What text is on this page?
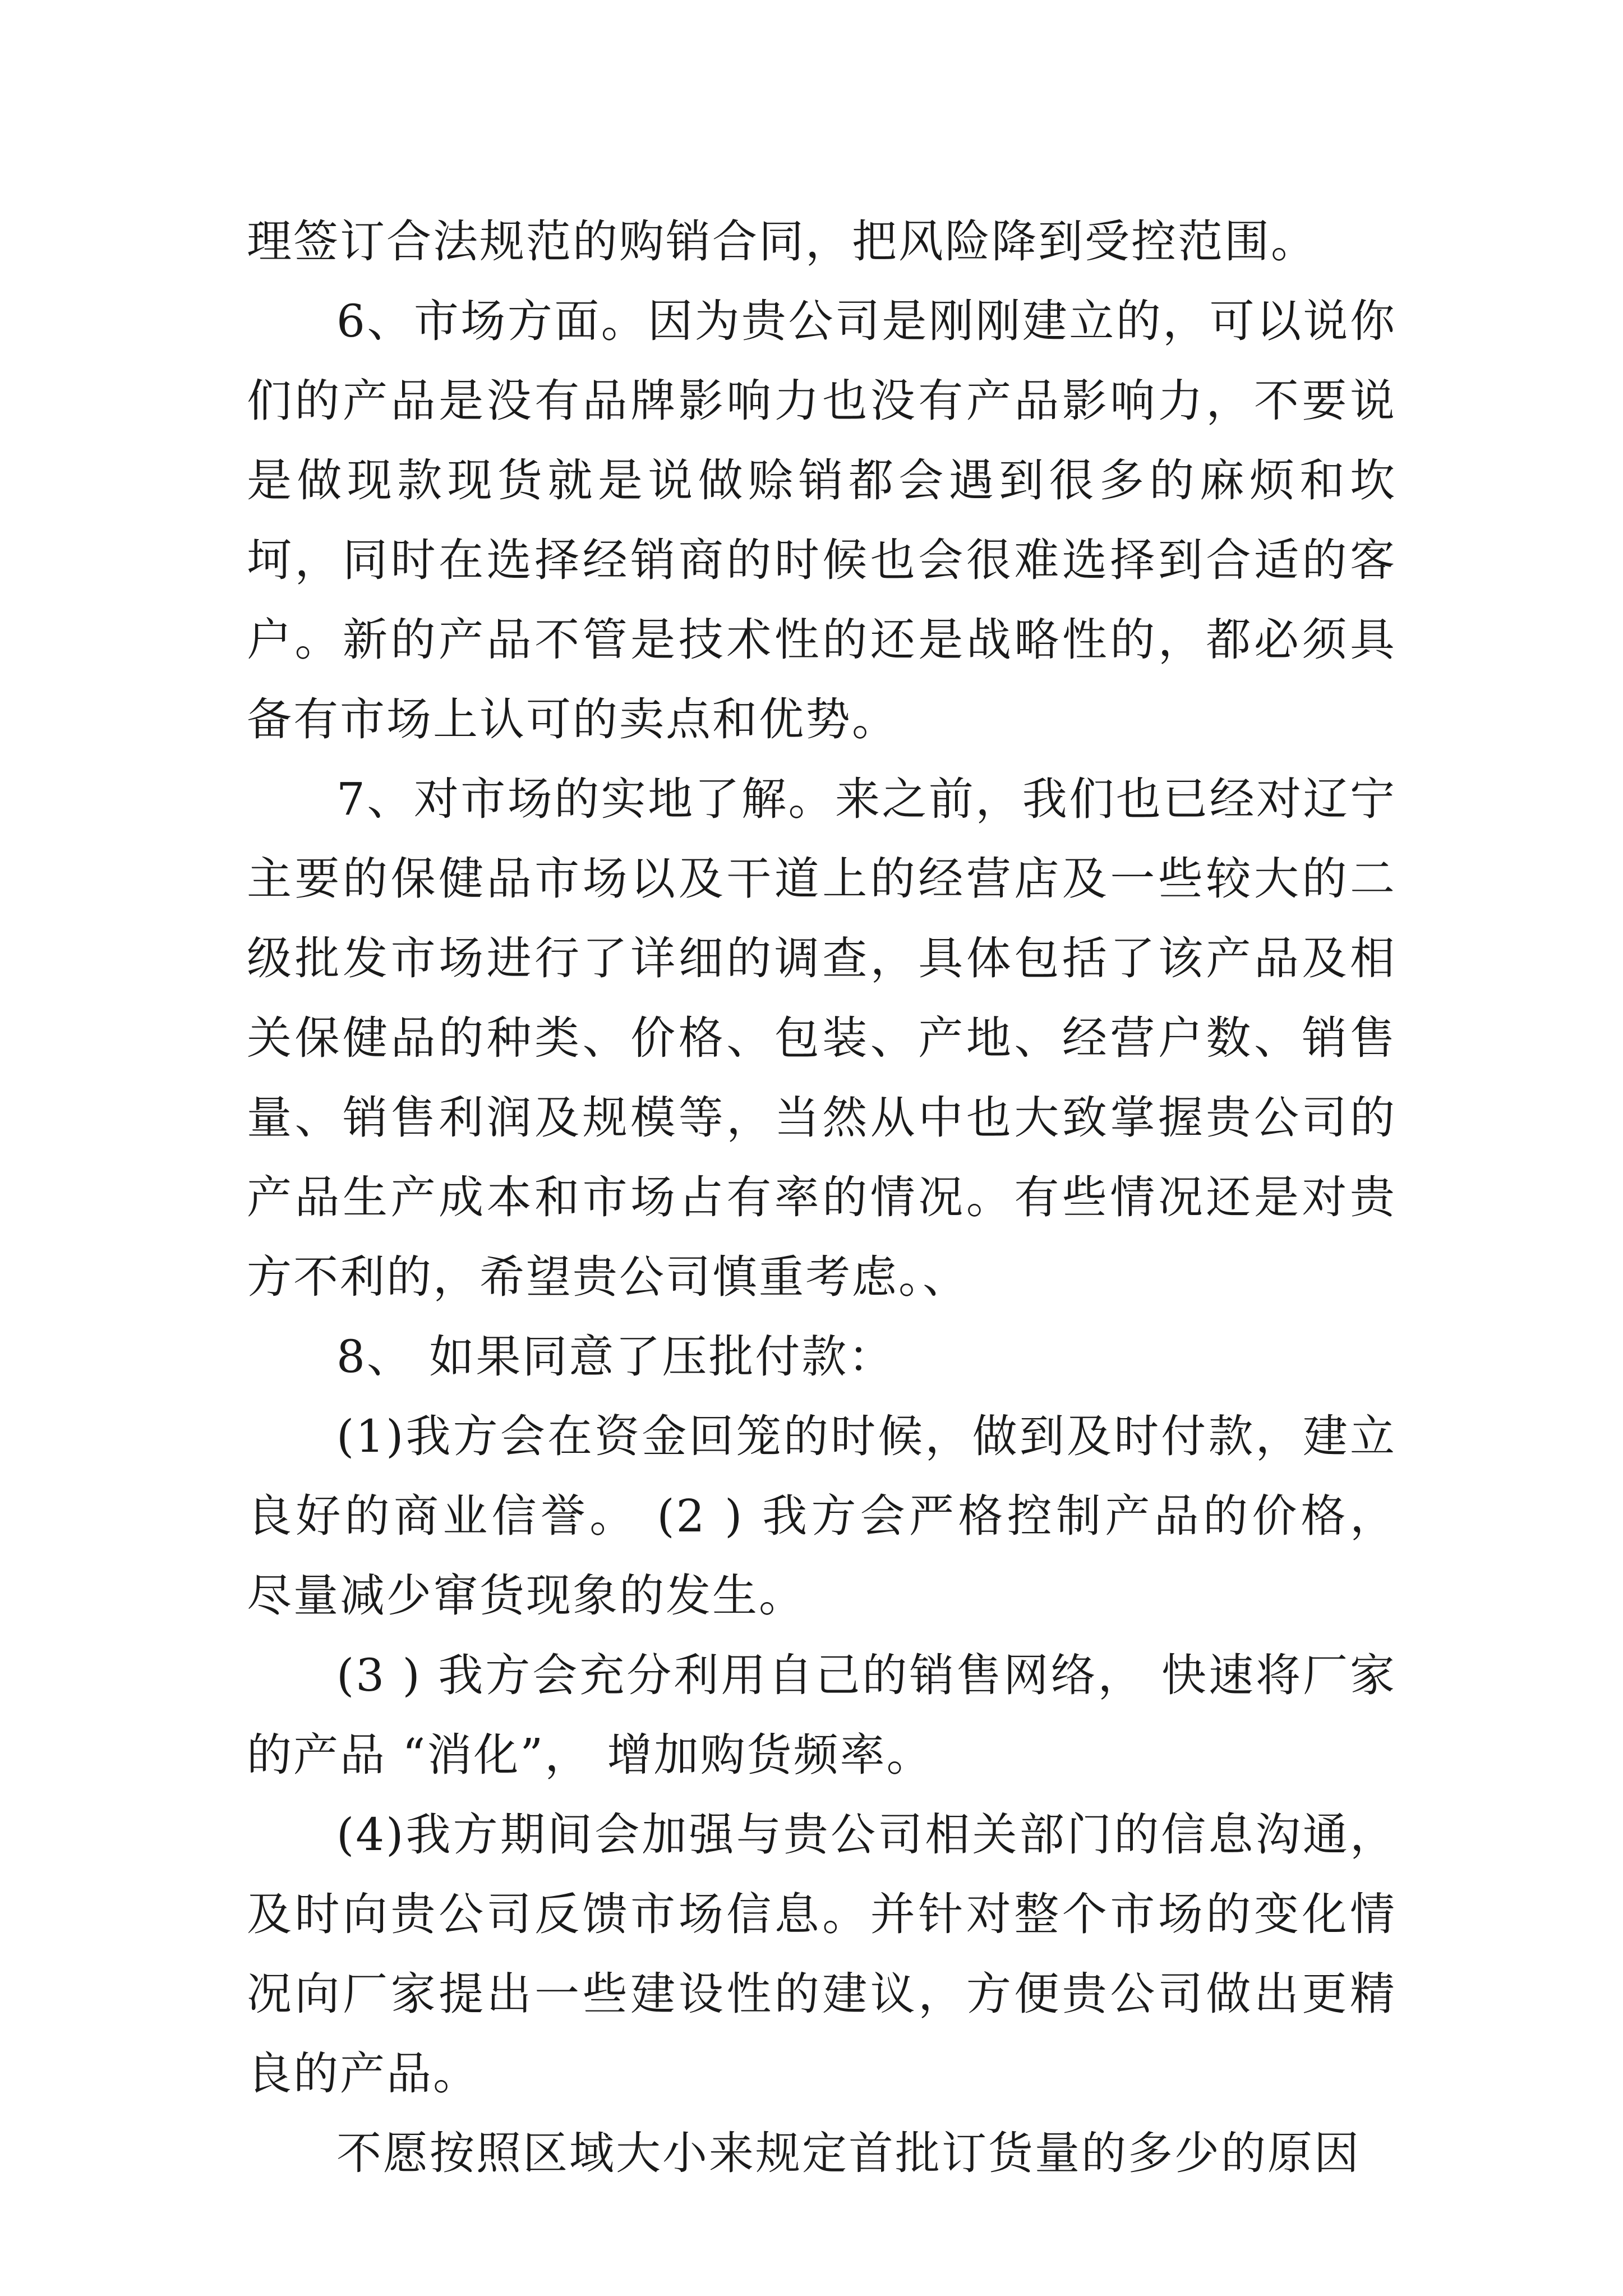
理签订合法规范的购销合同，把风险降到受控范围。

6、市场方面。因为贵公司是刚刚建立的，可以说你们的产品是没有品牌影响力也没有产品影响力，不要说是做现款现货就是说做赊销都会遇到很多的麻烦和坎坷，同时在选择经销商的时候也会很难选择到合适的客户。新的产品不管是技术性的还是战略性的，都必须具备有市场上认可的卖点和优势。

7、对市场的实地了解。来之前，我们也已经对辽宁主要的保健品市场以及干道上的经营店及一些较大的二级批发市场进行了详细的调查，具体包括了该产品及相关保健品的种类、价格、包装、产地、经营户数、销售量、销售利润及规模等，当然从中也大致掌握贵公司的产品生产成本和市场占有率的情况。有些情况还是对贵方不利的，希望贵公司慎重考虑。、

8、 如果同意了压批付款：

(1)我方会在资金回笼的时候，做到及时付款，建立良好的商业信誉。 (2 ) 我方会严格控制产品的价格， 尽量减少窜货现象的发生。

(3 ) 我方会充分利用自己的销售网络， 快速将厂家的产品 “消化”， 增加购货频率。

(4)我方期间会加强与贵公司相关部门的信息沟通，及时向贵公司反馈市场信息。并针对整个市场的变化情况向厂家提出一些建设性的建议，方便贵公司做出更精良的产品。

不愿按照区域大小来规定首批订货量的多少的原因
